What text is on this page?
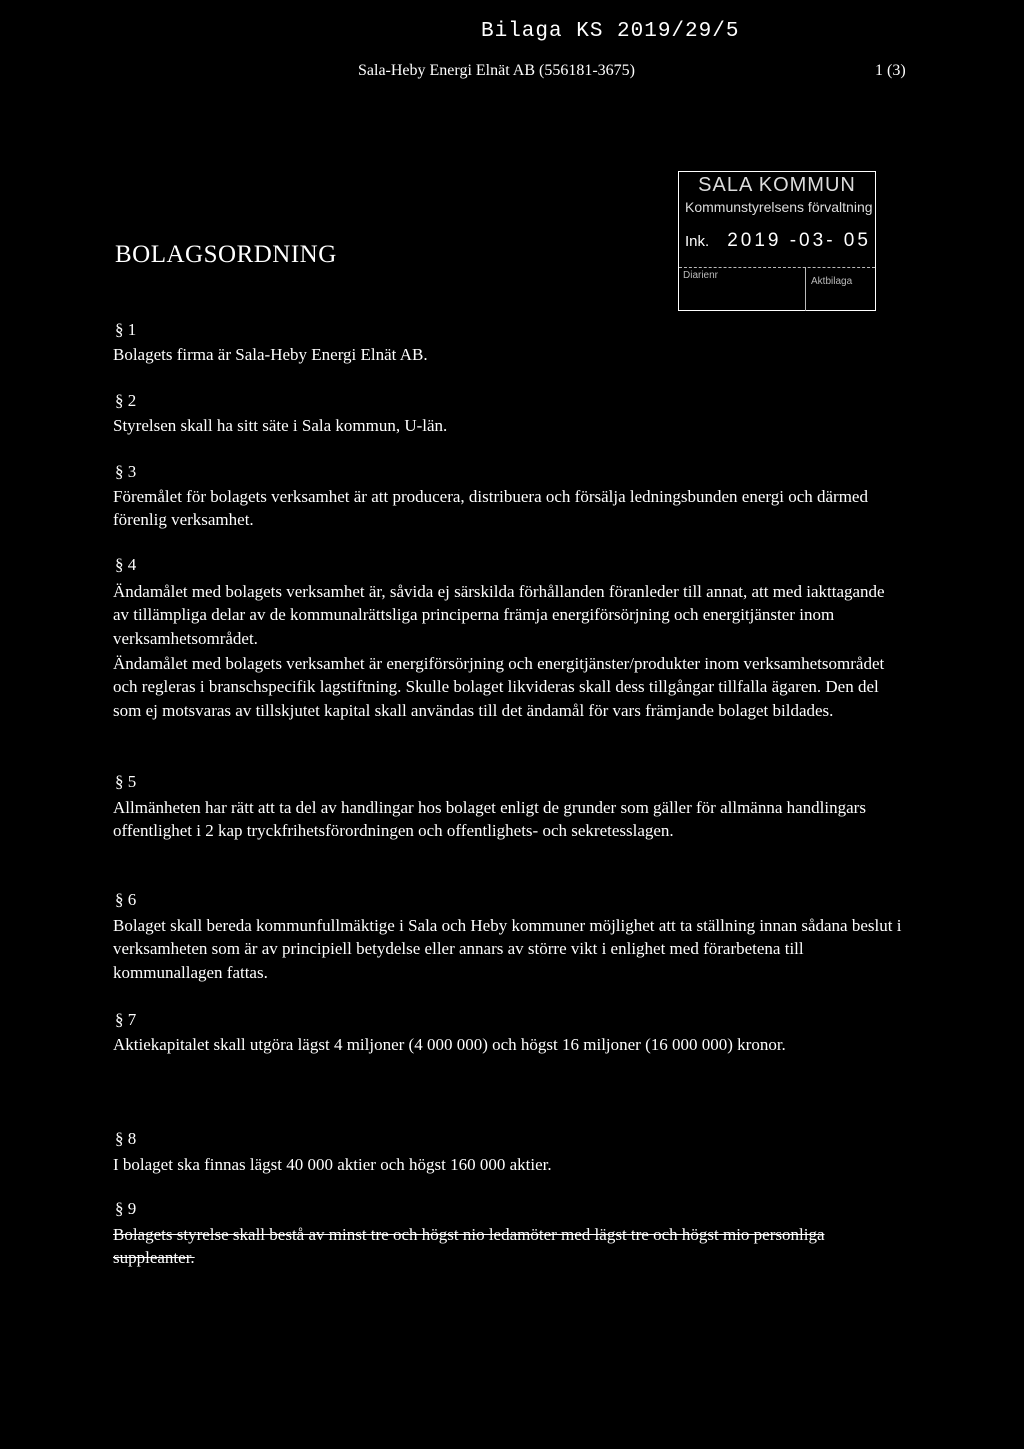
Bilaga KS 2019/29/5
Sala-Heby Energi Elnät AB (556181-3675)	1 (3)
BOLAGSORDNING
SALA KOMMUN
Kommunstyrelsens förvaltning
Ink. 2019 -03- 05
Diarienr
Aktbilaga
§ 1

Bolagets firma är Sala-Heby Energi Elnät AB.

§ 2

Styrelsen skall ha sitt säte i Sala kommun, U-län.

§ 3

Föremålet för bolagets verksamhet är att producera, distribuera och försälja ledningsbunden energi och därmed förenlig verksamhet.

§ 4

Ändamålet med bolagets verksamhet är, såvida ej särskilda förhållanden föranleder till annat, att med iakttagande av tillämpliga delar av de kommunalrättsliga principerna främja energiförsörjning och energitjänster inom verksamhetsområdet.

Ändamålet med bolagets verksamhet är energiförsörjning och energitjänster/produkter inom verksamhetsområdet och regleras i branschspecifik lagstiftning. Skulle bolaget likvideras skall dess tillgångar tillfalla ägaren. Den del som ej motsvaras av tillskjutet kapital skall användas till det ändamål för vars främjande bolaget bildades.

§ 5

Allmänheten har rätt att ta del av handlingar hos bolaget enligt de grunder som gäller för allmänna handlingars offentlighet i 2 kap tryckfrihetsförordningen och offentlighets- och sekretesslagen.

§ 6

Bolaget skall bereda kommunfullmäktige i Sala och Heby kommuner möjlighet att ta ställning innan sådana beslut i verksamheten som är av principiell betydelse eller annars av större vikt i enlighet med förarbetena till kommunallagen fattas.

§ 7

Aktiekapitalet skall utgöra lägst 4 miljoner (4 000 000) och högst 16 miljoner (16 000 000) kronor.

§ 8

I bolaget ska finnas lägst 40 000 aktier och högst 160 000 aktier.

§ 9

Bolagets styrelse skall bestå av minst tre och högst nio ledamöter med lägst tre och högst mio personliga suppleanter.
